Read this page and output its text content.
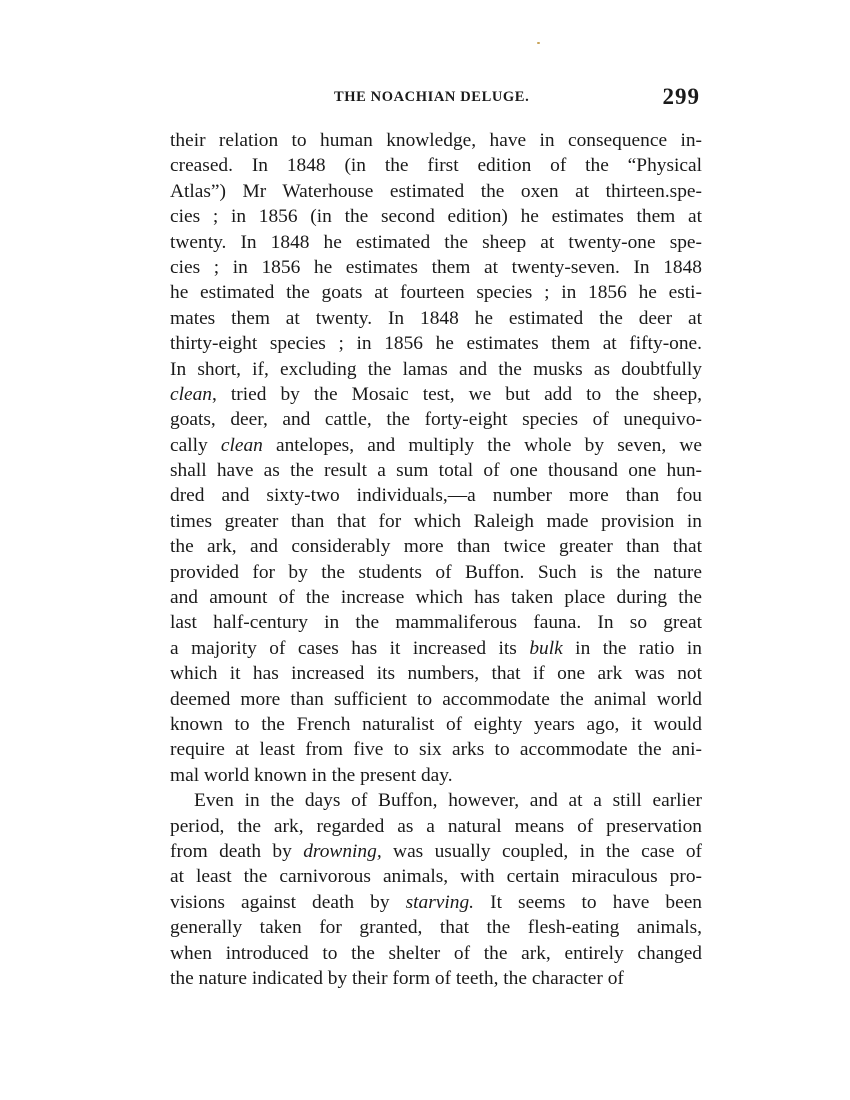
THE NOACHIAN DELUGE.	299
their relation to human knowledge, have in consequence in-
creased. In 1848 (in the first edition of the “Physical
Atlas”) Mr Waterhouse estimated the oxen at thirteen.spe-
cies ; in 1856 (in the second edition) he estimates them at
twenty. In 1848 he estimated the sheep at twenty-one spe-
cies ; in 1856 he estimates them at twenty-seven. In 1848
he estimated the goats at fourteen species ; in 1856 he esti-
mates them at twenty. In 1848 he estimated the deer at
thirty-eight species ; in 1856 he estimates them at fifty-one.
In short, if, excluding the lamas and the musks as doubtfully
clean, tried by the Mosaic test, we but add to the sheep,
goats, deer, and cattle, the forty-eight species of unequivo-
cally clean antelopes, and multiply the whole by seven, we
shall have as the result a sum total of one thousand one hun-
dred and sixty-two individuals,—a number more than fou
times greater than that for which Raleigh made provision in
the ark, and considerably more than twice greater than that
provided for by the students of Buffon. Such is the nature
and amount of the increase which has taken place during the
last half-century in the mammaliferous fauna. In so great
a majority of cases has it increased its bulk in the ratio in
which it has increased its numbers, that if one ark was not
deemed more than sufficient to accommodate the animal world
known to the French naturalist of eighty years ago, it would
require at least from five to six arks to accommodate the ani-
mal world known in the present day.
Even in the days of Buffon, however, and at a still earlier
period, the ark, regarded as a natural means of preservation
from death by drowning, was usually coupled, in the case of
at least the carnivorous animals, with certain miraculous pro-
visions against death by starving. It seems to have been
generally taken for granted, that the flesh-eating animals,
when introduced to the shelter of the ark, entirely changed
the nature indicated by their form of teeth, the character of
